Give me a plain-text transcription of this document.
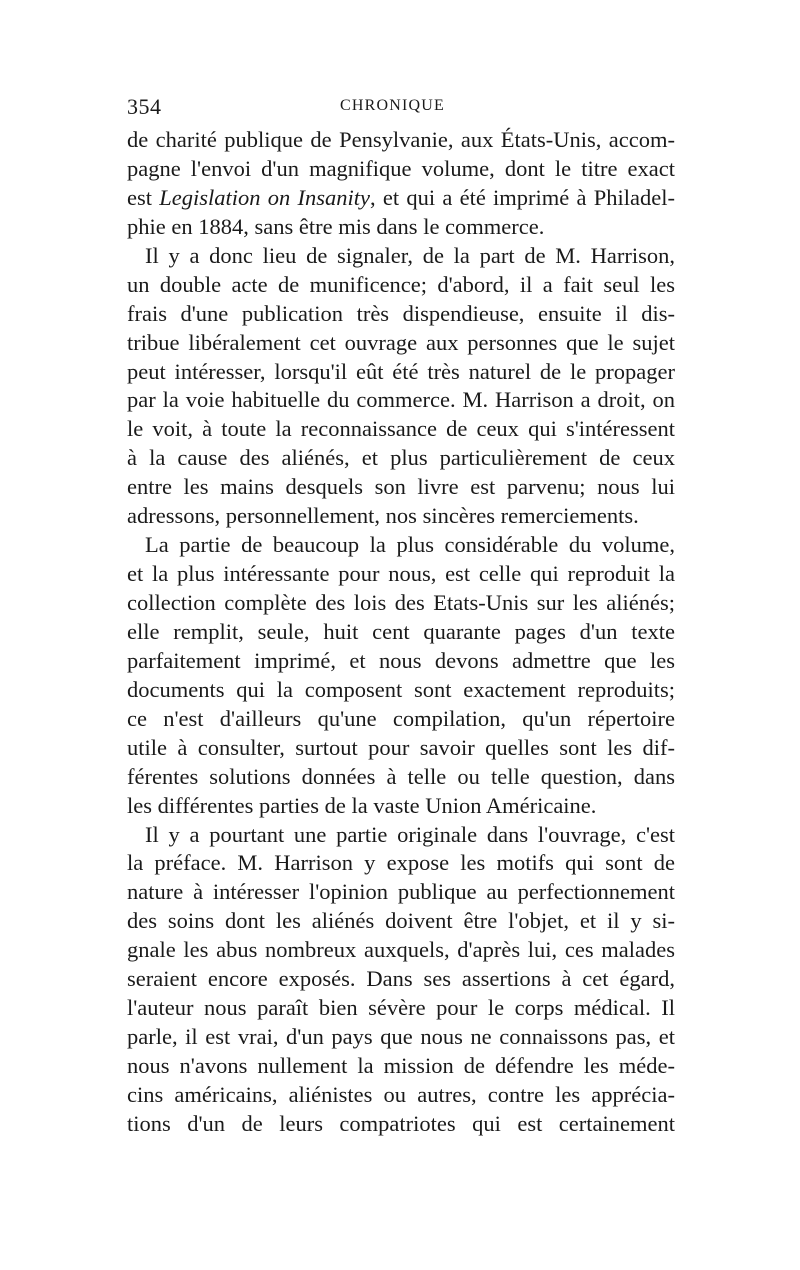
354	CHRONIQUE
de charité publique de Pensylvanie, aux États-Unis, accom-
pagne l'envoi d'un magnifique volume, dont le titre exact
est Legislation on Insanity, et qui a été imprimé à Philadel-
phie en 1884, sans être mis dans le commerce.
Il y a donc lieu de signaler, de la part de M. Harrison,
un double acte de munificence; d'abord, il a fait seul les
frais d'une publication très dispendieuse, ensuite il dis-
tribue libéralement cet ouvrage aux personnes que le sujet
peut intéresser, lorsqu'il eût été très naturel de le propager
par la voie habituelle du commerce. M. Harrison a droit, on
le voit, à toute la reconnaissance de ceux qui s'intéressent
à la cause des aliénés, et plus particulièrement de ceux
entre les mains desquels son livre est parvenu; nous lui
adressons, personnellement, nos sincères remerciements.
La partie de beaucoup la plus considérable du volume,
et la plus intéressante pour nous, est celle qui reproduit la
collection complète des lois des Etats-Unis sur les aliénés;
elle remplit, seule, huit cent quarante pages d'un texte
parfaitement imprimé, et nous devons admettre que les
documents qui la composent sont exactement reproduits;
ce n'est d'ailleurs qu'une compilation, qu'un répertoire
utile à consulter, surtout pour savoir quelles sont les dif-
férentes solutions données à telle ou telle question, dans
les différentes parties de la vaste Union Américaine.
Il y a pourtant une partie originale dans l'ouvrage, c'est
la préface. M. Harrison y expose les motifs qui sont de
nature à intéresser l'opinion publique au perfectionnement
des soins dont les aliénés doivent être l'objet, et il y si-
gnale les abus nombreux auxquels, d'après lui, ces malades
seraient encore exposés. Dans ses assertions à cet égard,
l'auteur nous paraît bien sévère pour le corps médical. Il
parle, il est vrai, d'un pays que nous ne connaissons pas, et
nous n'avons nullement la mission de défendre les méde-
cins américains, aliénistes ou autres, contre les apprécia-
tions d'un de leurs compatriotes qui est certainement
